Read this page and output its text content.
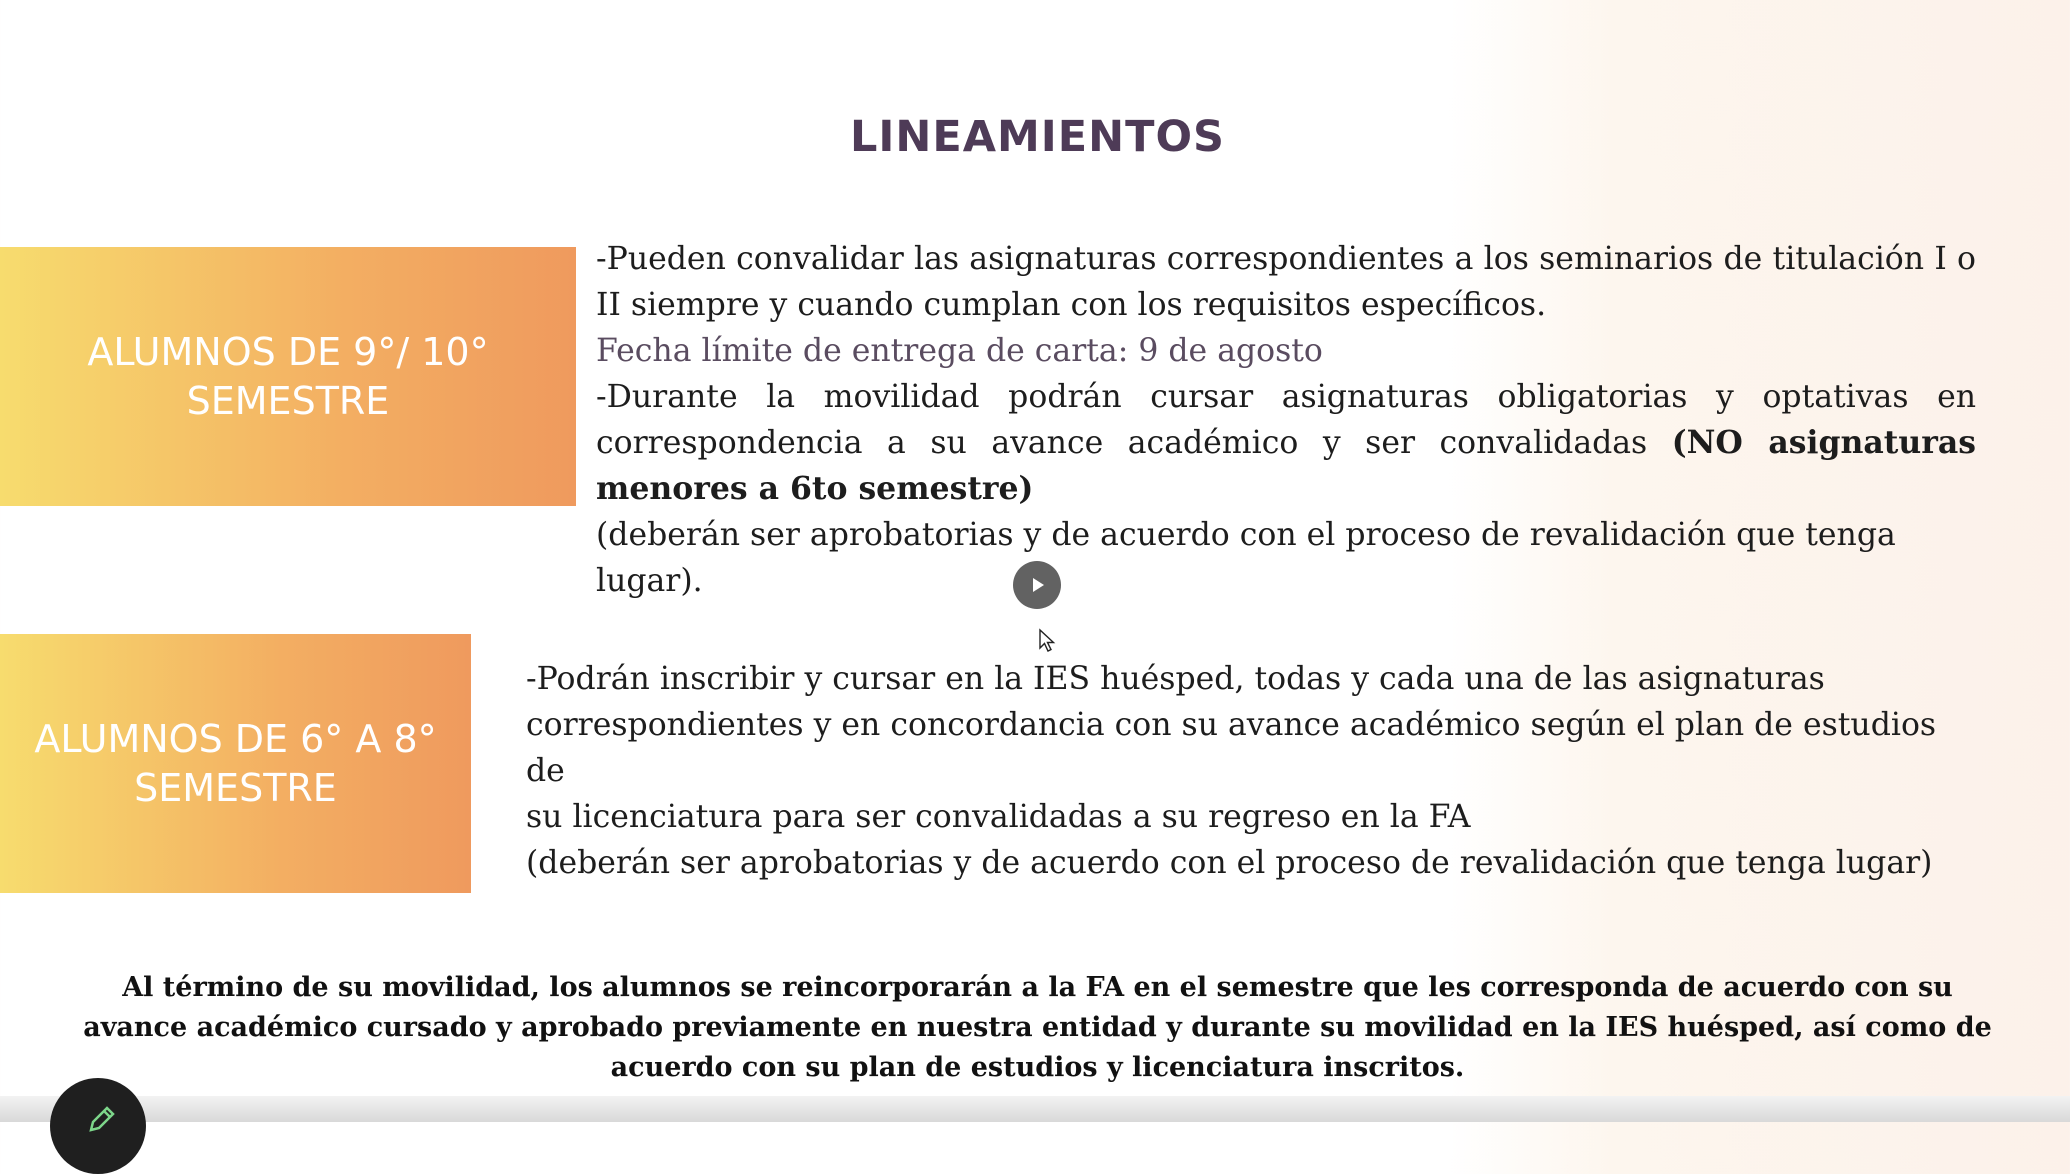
LINEAMIENTOS
ALUMNOS DE 9°/ 10°
SEMESTRE

-Pueden convalidar las asignaturas correspondientes a los seminarios de titulación I o II siempre y cuando cumplan con los requisitos específicos.

Fecha límite de entrega de carta: 9 de agosto

-Durante la movilidad podrán cursar asignaturas obligatorias y optativas en correspondencia a su avance académico y ser convalidadas (NO asignaturas menores a 6to semestre)

(deberán ser aprobatorias y de acuerdo con el proceso de revalidación que tenga lugar).

ALUMNOS DE 6° A 8°
SEMESTRE

-Podrán inscribir y cursar en la IES huésped, todas y cada una de las asignaturas

correspondientes y en concordancia con su avance académico según el plan de estudios de

su licenciatura para ser convalidadas a su regreso en la FA

(deberán ser aprobatorias y de acuerdo con el proceso de revalidación que tenga lugar)

Al término de su movilidad, los alumnos se reincorporarán a la FA en el semestre que les corresponda de acuerdo con su avance académico cursado y aprobado previamente en nuestra entidad y durante su movilidad en la IES huésped, así como de acuerdo con su plan de estudios y licenciatura inscritos.
